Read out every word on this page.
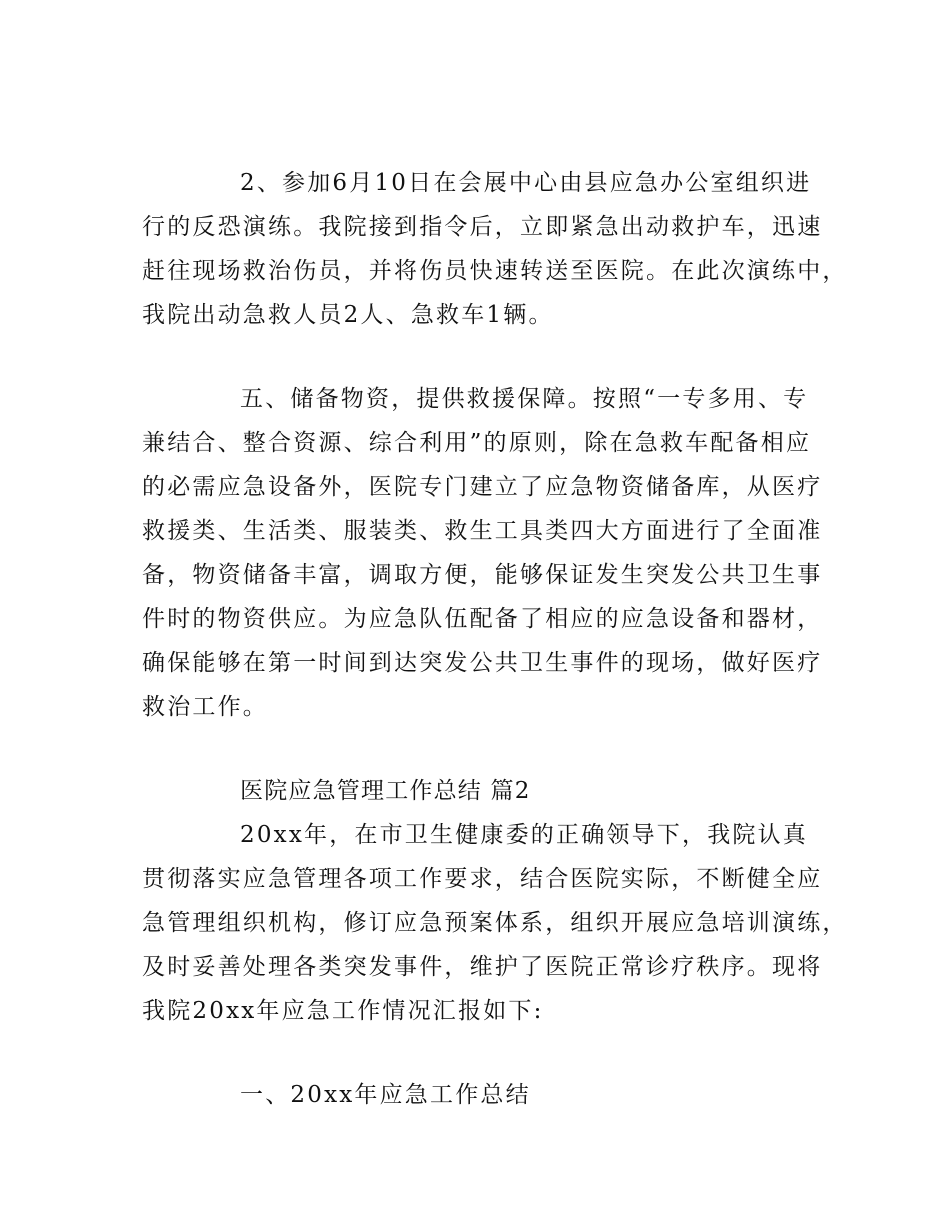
2、参加6月10日在会展中心由县应急办公室组织进
行的反恐演练。我院接到指令后，立即紧急出动救护车，迅速
赶往现场救治伤员，并将伤员快速转送至医院。在此次演练中，
我院出动急救人员2人、急救车1辆。
五、储备物资，提供救援保障。按照“一专多用、专
兼结合、整合资源、综合利用”的原则，除在急救车配备相应
的必需应急设备外，医院专门建立了应急物资储备库，从医疗
救援类、生活类、服装类、救生工具类四大方面进行了全面准
备，物资储备丰富，调取方便，能够保证发生突发公共卫生事
件时的物资供应。为应急队伍配备了相应的应急设备和器材，
确保能够在第一时间到达突发公共卫生事件的现场，做好医疗
救治工作。
医院应急管理工作总结 篇2
20xx年，在市卫生健康委的正确领导下，我院认真
贯彻落实应急管理各项工作要求，结合医院实际，不断健全应
急管理组织机构，修订应急预案体系，组织开展应急培训演练，
及时妥善处理各类突发事件，维护了医院正常诊疗秩序。现将
我院20xx年应急工作情况汇报如下:
一、20xx年应急工作总结
